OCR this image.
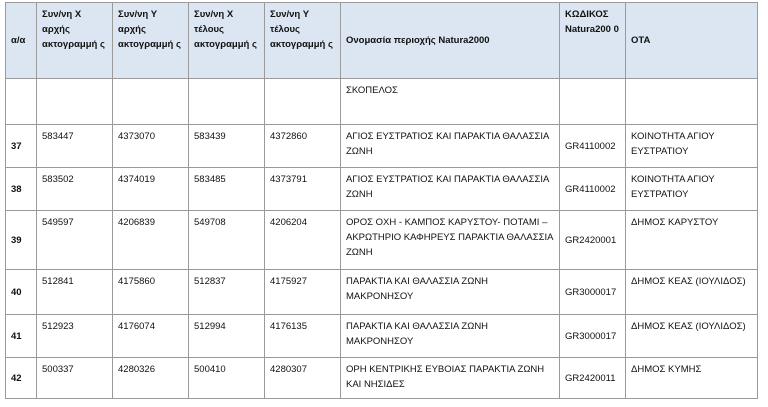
α/α	Συν/νη Χ αρχής ακτογραμμή ς	Συν/νη Υ αρχής ακτογραμμή ς	Συν/νη Χ τέλους ακτογραμμή ς	Συν/νη Υ τέλους ακτογραμμή ς	Ονομασία περιοχής Natura2000	ΚΩΔΙΚΟΣ Natura200 0	ΟΤΑ
					ΣΚΟΠΕΛΟΣ		
37	583447	4373070	583439	4372860	ΑΓΙΟΣ ΕΥΣΤΡΑΤΙΟΣ ΚΑΙ ΠΑΡΑΚΤΙΑ ΘΑΛΑΣΣΙΑ ΖΩΝΗ	GR4110002	ΚΟΙΝΟΤΗΤΑ ΑΓΙΟΥ ΕΥΣΤΡΑΤΙΟΥ
38	583502	4374019	583485	4373791	ΑΓΙΟΣ ΕΥΣΤΡΑΤΙΟΣ ΚΑΙ ΠΑΡΑΚΤΙΑ ΘΑΛΑΣΣΙΑ ΖΩΝΗ	GR4110002	ΚΟΙΝΟΤΗΤΑ ΑΓΙΟΥ ΕΥΣΤΡΑΤΙΟΥ
39	549597	4206839	549708	4206204	ΟΡΟΣ ΟΧΗ - ΚΑΜΠΟΣ ΚΑΡΥΣΤΟΥ- ΠΟΤΑΜΙ – ΑΚΡΩΤΗΡΙΟ ΚΑΦΗΡΕΥΣ ΠΑΡΑΚΤΙΑ ΘΑΛΑΣΣΙΑ ΖΩΝΗ	GR2420001	ΔΗΜΟΣ ΚΑΡΥΣΤΟΥ
40	512841	4175860	512837	4175927	ΠΑΡΑΚΤΙΑ ΚΑΙ ΘΑΛΑΣΣΙΑ ΖΩΝΗ ΜΑΚΡΟΝΗΣΟΥ	GR3000017	ΔΗΜΟΣ ΚΕΑΣ (ΙΟΥΛΙΔΟΣ)
41	512923	4176074	512994	4176135	ΠΑΡΑΚΤΙΑ ΚΑΙ ΘΑΛΑΣΣΙΑ ΖΩΝΗ ΜΑΚΡΟΝΗΣΟΥ	GR3000017	ΔΗΜΟΣ ΚΕΑΣ (ΙΟΥΛΙΔΟΣ)
42	500337	4280326	500410	4280307	ΟΡΗ ΚΕΝΤΡΙΚΗΣ ΕΥΒΟΙΑΣ ΠΑΡΑΚΤΙΑ ΖΩΝΗ ΚΑΙ ΝΗΣΙΔΕΣ	GR2420011	ΔΗΜΟΣ ΚΥΜΗΣ
